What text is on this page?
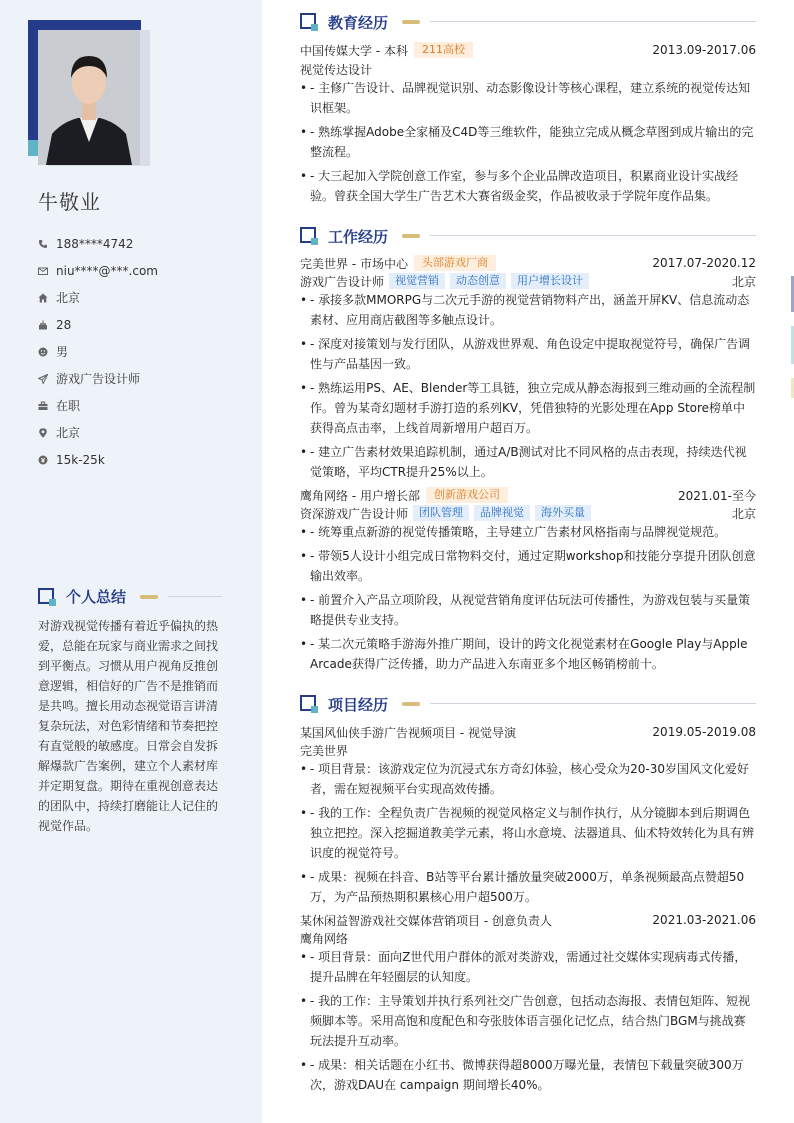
牛敬业
188****4742
niu****@***.com
北京
28
男
游戏广告设计师
在职
北京
15k-25k
个人总结
对游戏视觉传播有着近乎偏执的热爱，总能在玩家与商业需求之间找到平衡点。习惯从用户视角反推创意逻辑，相信好的广告不是推销而是共鸣。擅长用动态视觉语言讲清复杂玩法，对色彩情绪和节奏把控有直觉般的敏感度。日常会自发拆解爆款广告案例，建立个人素材库并定期复盘。期待在重视创意表达的团队中，持续打磨能让人记住的视觉作品。
教育经历
中国传媒大学 - 本科	211高校	2013.09-2017.06
视觉传达设计
• - 主修广告设计、品牌视觉识别、动态影像设计等核心课程，建立系统的视觉传达知识框架。
• - 熟练掌握Adobe全家桶及C4D等三维软件，能独立完成从概念草图到成片输出的完整流程。
• - 大三起加入学院创意工作室，参与多个企业品牌改造项目，积累商业设计实战经验。曾获全国大学生广告艺术大赛省级金奖，作品被收录于学院年度作品集。
工作经历
完美世界 - 市场中心	头部游戏厂商	2017.07-2020.12
游戏广告设计师	视觉营销	动态创意	用户增长设计	北京
• - 承接多款MMORPG与二次元手游的视觉营销物料产出，涵盖开屏KV、信息流动态素材、应用商店截图等多触点设计。
• - 深度对接策划与发行团队，从游戏世界观、角色设定中提取视觉符号，确保广告调性与产品基因一致。
• - 熟练运用PS、AE、Blender等工具链，独立完成从静态海报到三维动画的全流程制作。曾为某奇幻题材手游打造的系列KV，凭借独特的光影处理在App Store榜单中获得高点击率，上线首周新增用户超百万。
• - 建立广告素材效果追踪机制，通过A/B测试对比不同风格的点击表现，持续迭代视觉策略，平均CTR提升25%以上。
鹰角网络 - 用户增长部	创新游戏公司	2021.01-至今
资深游戏广告设计师	团队管理	品牌视觉	海外买量	北京
• - 统筹重点新游的视觉传播策略，主导建立广告素材风格指南与品牌视觉规范。
• - 带领5人设计小组完成日常物料交付，通过定期workshop和技能分享提升团队创意输出效率。
• - 前置介入产品立项阶段，从视觉营销角度评估玩法可传播性，为游戏包装与买量策略提供专业支持。
• - 某二次元策略手游海外推广期间，设计的跨文化视觉素材在Google Play与Apple Arcade获得广泛传播，助力产品进入东南亚多个地区畅销榜前十。
项目经历
某国风仙侠手游广告视频项目 - 视觉导演	2019.05-2019.08
完美世界
• - 项目背景：该游戏定位为沉浸式东方奇幻体验，核心受众为20-30岁国风文化爱好者，需在短视频平台实现高效传播。
• - 我的工作：全程负责广告视频的视觉风格定义与制作执行，从分镜脚本到后期调色独立把控。深入挖掘道教美学元素，将山水意境、法器道具、仙术特效转化为具有辨识度的视觉符号。
• - 成果：视频在抖音、B站等平台累计播放量突破2000万，单条视频最高点赞超50万，为产品预热期积累核心用户超500万。
某休闲益智游戏社交媒体营销项目 - 创意负责人	2021.03-2021.06
鹰角网络
• - 项目背景：面向Z世代用户群体的派对类游戏，需通过社交媒体实现病毒式传播，提升品牌在年轻圈层的认知度。
• - 我的工作：主导策划并执行系列社交广告创意，包括动态海报、表情包矩阵、短视频脚本等。采用高饱和度配色和夸张肢体语言强化记忆点，结合热门BGM与挑战赛玩法提升互动率。
• - 成果：相关话题在小红书、微博获得超8000万曝光量，表情包下载量突破300万次，游戏DAU在 campaign 期间增长40%。
